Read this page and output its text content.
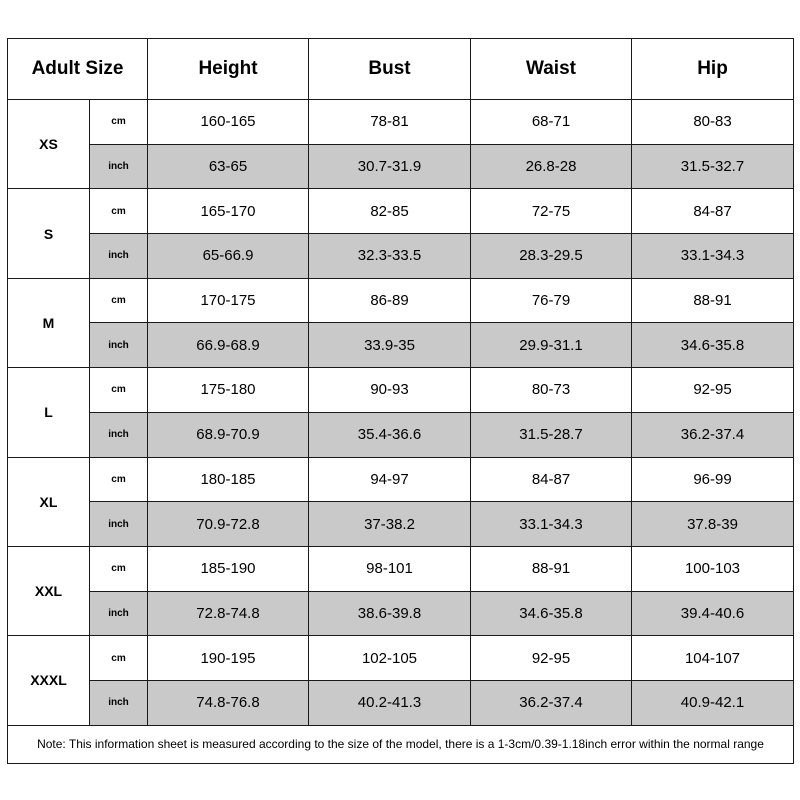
Adult Size		Height	Bust	Waist	Hip
XS	cm	160-165	78-81	68-71	80-83
	inch	63-65	30.7-31.9	26.8-28	31.5-32.7
S	cm	165-170	82-85	72-75	84-87
	inch	65-66.9	32.3-33.5	28.3-29.5	33.1-34.3
M	cm	170-175	86-89	76-79	88-91
	inch	66.9-68.9	33.9-35	29.9-31.1	34.6-35.8
L	cm	175-180	90-93	80-73	92-95
	inch	68.9-70.9	35.4-36.6	31.5-28.7	36.2-37.4
XL	cm	180-185	94-97	84-87	96-99
	inch	70.9-72.8	37-38.2	33.1-34.3	37.8-39
XXL	cm	185-190	98-101	88-91	100-103
	inch	72.8-74.8	38.6-39.8	34.6-35.8	39.4-40.6
XXXL	cm	190-195	102-105	92-95	104-107
	inch	74.8-76.8	40.2-41.3	36.2-37.4	40.9-42.1
Note: This information sheet is measured according to the size of the model, there is a 1-3cm/0.39-1.18inch error within the normal range					
